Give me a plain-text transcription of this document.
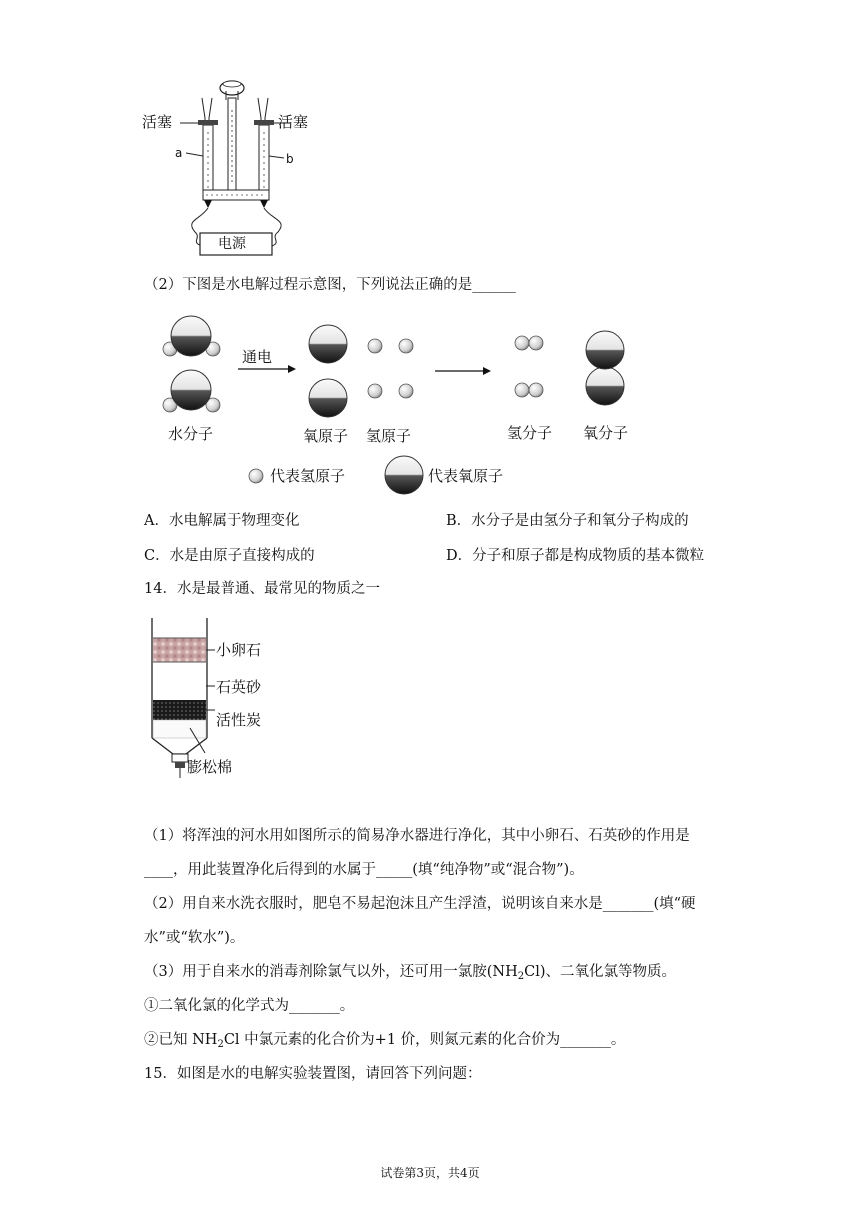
活塞	活塞
a	b
电源
（2）下图是水电解过程示意图，下列说法正确的是______
通电
水分子	氧原子 氢原子	氢分子 氧分子
代表氢原子	代表氧原子
A．水电解属于物理变化	B．水分子是由氢分子和氧分子构成的
C．水是由原子直接构成的	D．分子和原子都是构成物质的基本微粒
14．水是最普通、最常见的物质之一
小卵石
石英砂
活性炭
膨松棉
（1）将浑浊的河水用如图所示的简易净水器进行净化，其中小卵石、石英砂的作用是
____，用此装置净化后得到的水属于_____(填“纯净物”或“混合物”)。
（2）用自来水洗衣服时，肥皂不易起泡沫且产生浮渣，说明该自来水是_______(填“硬
水”或“软水”)。
（3）用于自来水的消毒剂除氯气以外，还可用一氯胺$(NH_2Cl)$、二氧化氯等物质。
①二氧化氯的化学式为_______。
②已知 $NH_2Cl$ 中氯元素的化合价为+1 价，则氮元素的化合价为_______。
15．如图是水的电解实验装置图，请回答下列问题：
试卷第3页，共4页
